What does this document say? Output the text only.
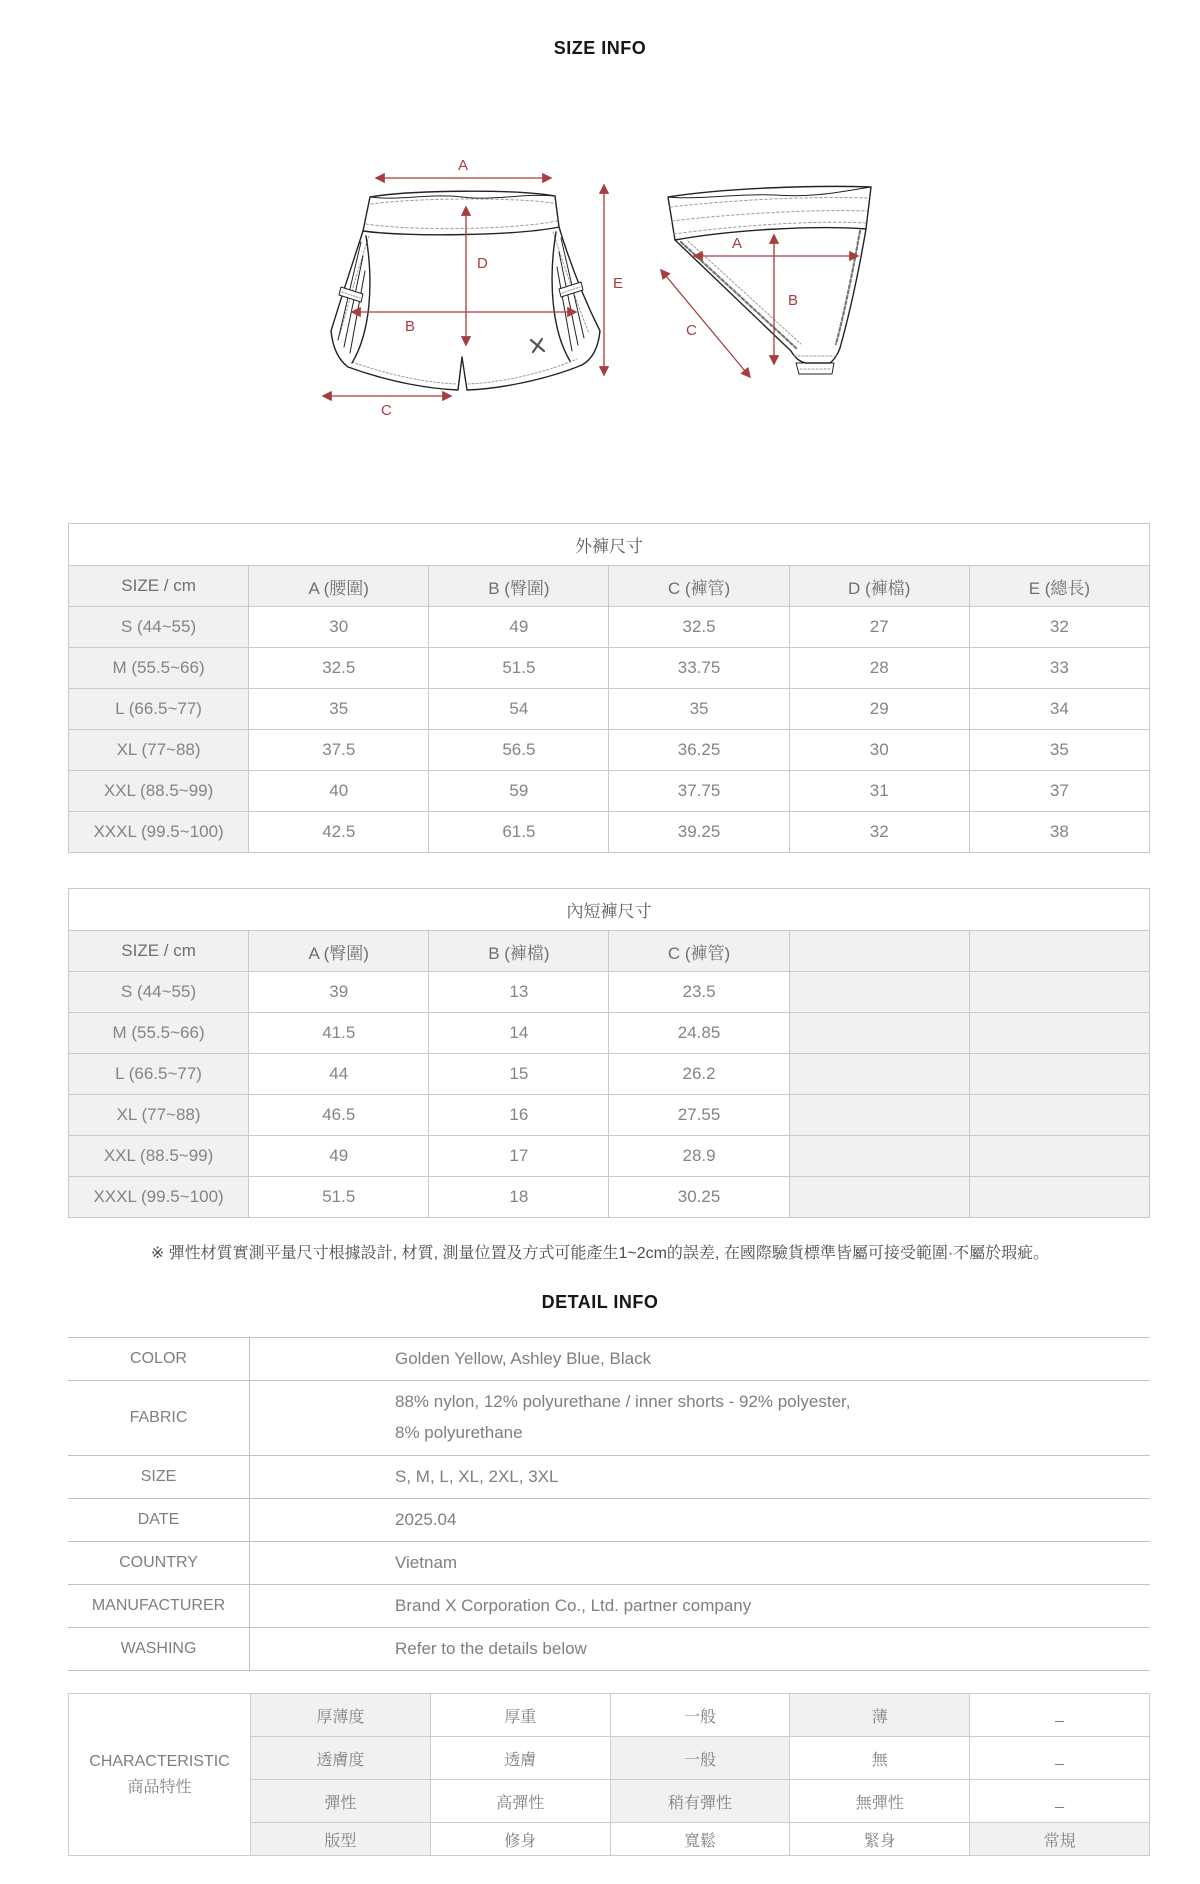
SIZE INFO
A
D
B
C
E
A
B
C
外褲尺寸					
SIZE / cm	A (腰圍)	B (臀圍)	C (褲管)	D (褲檔)	E (總長)
S (44~55)	30	49	32.5	27	32
M (55.5~66)	32.5	51.5	33.75	28	33
L (66.5~77)	35	54	35	29	34
XL (77~88)	37.5	56.5	36.25	30	35
XXL (88.5~99)	40	59	37.75	31	37
XXXL (99.5~100)	42.5	61.5	39.25	32	38
內短褲尺寸					
SIZE / cm	A (臀圍)	B (褲檔)	C (褲管)		
S (44~55)	39	13	23.5		
M (55.5~66)	41.5	14	24.85		
L (66.5~77)	44	15	26.2		
XL (77~88)	46.5	16	27.55		
XXL (88.5~99)	49	17	28.9		
XXXL (99.5~100)	51.5	18	30.25		
※ 彈性材質實測平量尺寸根據設計, 材質, 測量位置及方式可能產生1~2cm的誤差, 在國際驗貨標準皆屬可接受範圍·不屬於瑕疵。
DETAIL INFO
COLOR	Golden Yellow, Ashley Blue, Black
FABRIC	88% nylon, 12% polyurethane / inner shorts - 92% polyester, 8% polyurethane
SIZE	S, M, L, XL, 2XL, 3XL
DATE	2025.04
COUNTRY	Vietnam
MANUFACTURER	Brand X Corporation Co., Ltd. partner company
WASHING	Refer to the details below
CHARACTERISTIC
商品特性	厚薄度	厚重	一般	薄	_
	透膚度	透膚	一般	無	_
	彈性	高彈性	稍有彈性	無彈性	_
	版型	修身	寬鬆	緊身	常規
